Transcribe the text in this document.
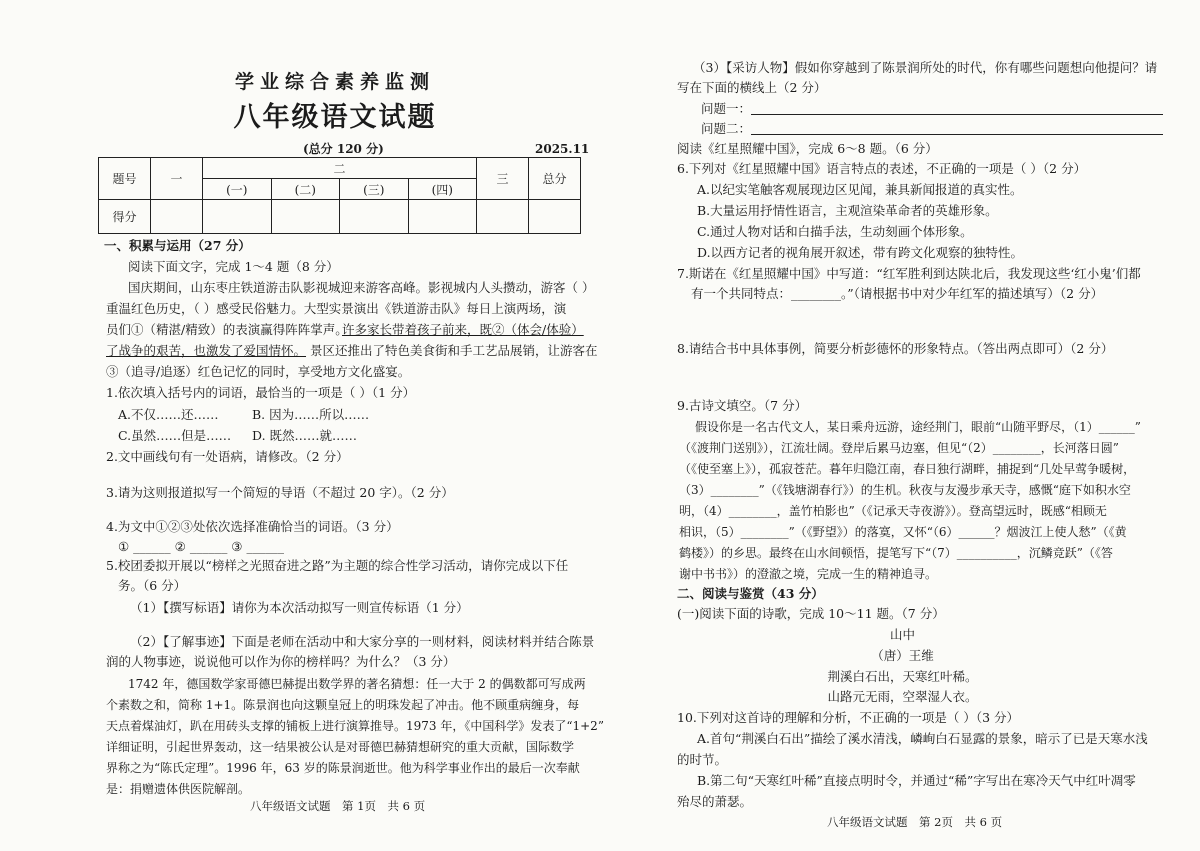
学业综合素养监测
八年级语文试题
(总分 120 分)	2025.11
题号	一	二				三	总分
		(一)	(二)	(三)	(四)		
得分							
一、积累与运用（27 分）
阅读下面文字，完成 1～4 题（8 分）
国庆期间，山东枣庄铁道游击队影视城迎来游客高峰。影视城内人头攒动，游客（ ）
重温红色历史，（ ）感受民俗魅力。大型实景演出《铁道游击队》每日上演两场，演
员们①（精湛/精致）的表演赢得阵阵掌声。
许多家长带着孩子前来，既②（体会/体验）
了战争的艰苦，也激发了爱国情怀。 景区还推出了特色美食街和手工艺品展销，让游客在
③（追寻/追逐）红色记忆的同时，享受地方文化盛宴。
1.依次填入括号内的词语，最恰当的一项是（ ）（1 分）
A.不仅……还……	B. 因为……所以……
C.虽然……但是…… D. 既然……就……
2.文中画线句有一处语病，请修改。（2 分）
3.请为这则报道拟写一个简短的导语（不超过 20 字）。（2 分）
4.为文中①②③处依次选择准确恰当的词语。（3 分）
① ______ ② ______ ③ ______
5.校团委拟开展以“榜样之光照奋进之路”为主题的综合性学习活动，请你完成以下任
务。（6 分）
（1）【撰写标语】请你为本次活动拟写一则宣传标语（1 分）
（2）【了解事迹】下面是老师在活动中和大家分享的一则材料，阅读材料并结合陈景
润的人物事迹，说说他可以作为你的榜样吗？为什么？（3 分）
1742 年，德国数学家哥德巴赫提出数学界的著名猜想：任一大于 2 的偶数都可写成两
个素数之和，简称 1+1。陈景润也向这颗皇冠上的明珠发起了冲击。他不顾重病缠身，每
天点着煤油灯，趴在用砖头支撑的铺板上进行演算推导。1973 年，《中国科学》发表了“1+2”
详细证明，引起世界轰动，这一结果被公认是对哥德巴赫猜想研究的重大贡献，国际数学
界称之为“陈氏定理”。1996 年，63 岁的陈景润逝世。他为科学事业作出的最后一次奉献
是：捐赠遗体供医院解剖。
八年级语文试题　第 1页　共 6 页
（3）【采访人物】假如你穿越到了陈景润所处的时代，你有哪些问题想向他提问？请
写在下面的横线上（2 分）
问题一：
问题二：
阅读《红星照耀中国》，完成 6～8 题。（6 分）
6.下列对《红星照耀中国》语言特点的表述，不正确的一项是（ ）（2 分）
A.以纪实笔触客观展现边区见闻，兼具新闻报道的真实性。
B.大量运用抒情性语言，主观渲染革命者的英雄形象。
C.通过人物对话和白描手法，生动刻画个体形象。
D.以西方记者的视角展开叙述，带有跨文化观察的独特性。
7.斯诺在《红星照耀中国》中写道：“红军胜利到达陕北后，我发现这些‘红小鬼’们都
有一个共同特点：________。”（请根据书中对少年红军的描述填写）（2 分）
8.请结合书中具体事例，简要分析彭德怀的形象特点。（答出两点即可）（2 分）
9.古诗文填空。（7 分）
假设你是一名古代文人，某日乘舟远游，途经荆门，眼前“山随平野尽，（1）______”
（《渡荆门送别》），江流壮阔。登岸后累马边塞，但见“（2）________，长河落日圆”
（《使至塞上》），孤寂苍茫。暮年归隐江南，春日独行湖畔，捕捉到“几处早莺争暖树，
（3）________”（《钱塘湖春行》）的生机。秋夜与友漫步承天寺，感慨“庭下如积水空
明，（4）________，盖竹柏影也”（《记承天寺夜游》）。登高望远时，既感“相顾无
相识，（5）________”（《野望》）的落寞，又怀“（6）______？烟波江上使人愁”（《黄
鹤楼》）的乡思。最终在山水间顿悟，提笔写下“（7）__________，沉鳞竞跃”（《答
谢中书书》）的澄澈之境，完成一生的精神追寻。
二、阅读与鉴赏（43 分）
(一)阅读下面的诗歌，完成 10～11 题。（7 分）
山中
（唐）王维
荆溪白石出，天寒红叶稀。
山路元无雨，空翠湿人衣。
10.下列对这首诗的理解和分析，不正确的一项是（ ）（3 分）
A.首句“荆溪白石出”描绘了溪水清浅，嶙峋白石显露的景象，暗示了已是天寒水浅
的时节。
B.第二句“天寒红叶稀”直接点明时令，并通过“稀”字写出在寒冷天气中红叶凋零
殆尽的萧瑟。
八年级语文试题　第 2页　共 6 页
